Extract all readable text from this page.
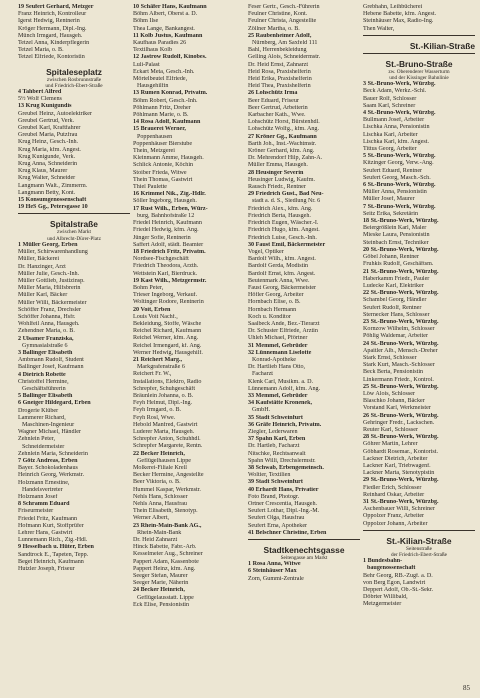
19 Seufert Gerhard, Metzger
Franz Heinrich, Kontrolleur
Igerst Hedwig, Rentnerin
Kröger Hermann, Dipl.-Ing.
Münch Irmgard, Hausgeh.
Tetzel Anna, Kinderpflegerin
Tetzel Maria, o. B.
Tetzel Elfriede, Kontoristin
Spitaleseplatz
zwischen Rosbrunnstraße
und Friedrich-Ebert-Straße
4 Tahbert Alfred
5½ Wolf Clemens
13 Krug Kunigundis
Greubel Heinz, Autoelektriker
Greubel Gertrud, Verk.
Greubel Karl, Kraftfahrer
Greubel Maria, Putzfrau
Krug Heinz, Gesch.-Inh.
Krug Maria, kfm. Angest.
Krug Kunigunde, Verk.
Krug Anna, Schneiderin
Krug Klaus, Maurer
Krug Walter, Schneider
Langmann Walt., Zimmerm.
Langmann Betty, Kont.
15 Konsumgenossenschaft
19 HeS Gg., Petersgasse 10
Spitalstraße
zwischen Markt
und Albrecht-Dürer-Platz
1 Müller Georg, Erben
Müller, Schirwarenhandlung
Müller, Bäckerei
Dr. Hanzinger, Arzt
Müller Julie, Gesch.-Inh.
Müller Gottlieb, Justizinsp.
Müller Maria, Hilfsbrerin
Müller Karl, Bäcker
Müller Willi, Bäckermeister
Schöffer Franz, Drechsler
Schöffer Johanna, Hsfr.
Wohlfeil Anna, Hausgeh.
Zehendner Maria, o. B.
2 Ulsamer Franziska,
Gymnasialstraße 6
3 Ballinger Elisabeth
Ambmann Rudolf, Student
Ballinger Josef, Kaufmann
4 Dietrich Robette
Christoffel Hermine,
Geschäftsführerin
5 Ballinger Elisabeth
6 Gneiger Hildegard, Erben
Drogerie Klüber
Lammerer Richard,
Maschinen-Ingenieur
Wagner Michael, Händler
Zehnlein Peter,
Schneidermeister
Zehnlein Maria, Schneiderin
7 Götz Andreas, Erben
Bayer. Schokoladenhaus
Heinrich Georg, Werkmstr.
Holzmann Ernestine,
Handelsvertreter
Holzmann Josef
8 Schramm Eduard
Friseurmeister
Friedel Fritz, Kaufmann
Hofmann Kurt, Stoffprüfer
Lehrer Hans, Gastwirt
Lunnemann Rich., Zig.-Hdl.
9 Hesselbach u. Hüter, Erben
Sandtrock E., Tapeten, Tepp.
Beget Heinrich, Kaufmann
Hutzler Joseph, Friseur
10 Schäfer Hans, Kaufmann
Böhm Albert, Oberst a. D.
Böhm Ilse
Thea Lange, Bankangest.
11 Kolb Justus, Kaufmann
Kaufhaus Paradies 26
Textilhaus Kolb
12 Jastrow Rudolf, Kinobes.
Luli-Palast
Eckart Meta, Gesch.-Inh.
Mörtelbeutel Elfriede,
Hausgehilfin
13 Rumen Konrad, Privatm.
Böhm Robert, Gesch.-Inh.
Pöhlmann Fritz, Dreher
Pöhlmann Marie, o. B.
14 Rosa Adolf, Kaufmann
15 Brauerei Werner,
Poppenhausen
Poppenhäuser Bierstube
Thein, Metzgerei
Kleinmann Amme, Hausgeh.
Schlick Antonie, Köchin
Stoiber Frieda, Witwe
Thein Thomas, Gastwirt
Thiel Paulette
16 Krimmel Nik., Zig.-Hdlr.
Söller Ingeborg, Hausgeh.
17 Rust Wilh., Erben, Würz-
burg, Bahnhofstraße 12
Friedel Heinrich, Kaufmann
Friedel Hedwig, kfm. Ang.
Jünger Sofie, Rentnerin
Saffert Adolf, städt. Beamter
18 Friedrich Fritz, Privatm.
Nordsee-Fischgeschäft
Friedrich Theodora, Arzth.
Wettstein Karl, Bierdruck.
19 Kast Wilh., Metzgermstr.
Bohm Peter,
Trieser Ingeborg, Verkauf.
Woltinger Rodore, Rentnerin
20 Voit, Erben
Louis Voit Nachf.,
Bekleidung, Stoffe, Wäsche
Reichel Richard, Kaufmann
Reichel Werner, kfm. Ang.
Reichel Irmengard, kf. Ang.
Werner Hedwig, Hausgehilf.
21 Reichert Marg.,
Markgrafenstraße 6
Reichert Fr. W.,
Installations, Elektro, Radio
Schrepfer, Schuhgeschäft
Bräunlein Johanna, o. B.
Feyh Helmut, Dipl.-Ing.
Feyh Irmgard, o. B.
Feyh Rosl, Wwe.
Hebold Manfred, Gastwirt
Luderer Marta, Hausgeh.
Schrepfer Anton, Schuhhdl.
Schrepfer Margarete, Rentn.
22 Becker Heinrich,
Geflügelhausen Lippe
Molkerei-Filiale Krell
Becker Hermine, Angestellte
Beer Viktoria, o. B.
Hummel Kaspar, Werkmstr.
Nehls Hans, Schlosser
Nehls Anna, Hausfrau
Thein Elisabeth, Stenotyp.
Werner Albert,
23 Rhein-Main-Bank AG.,
Rhein-Main-Bank
Dr. Heid Zahnarzt
Hinck Babette, Fabr.-Arb.
Kesselmeier Aug., Schreiner
Pappert Adam, Kassenbote
Pappert Heinz, kfm. Ang.
Seeger Stefan, Maurer
Seeger Marie, Näherin
24 Becker Heinrich,
Geflügelausstatt. Lippe
Eck Elise, Pensionistin
Feser Gertr., Gesch.-Führerin
Feulner Christine, Kont.
Feulner Christa, Angestellte
Zöllner Martha, o. B.
25 Raubenheimer Adolf,
Nürnberg, Am Saxfeld 111
Bahl, Herrenbekleidung
Gelling Alois, Schneidermstr.
Dr. Heid Ernst, Zahnarzt
Heid Rosa, Praxishelferin
Heid Erika, Praxishelferin
Heid Thea, Praxishelferin
26 Lohschütz Irma
Beer Eduard, Friseur
Beer Gertrud, Arbeiterin
Karbacher Kath., Wwe.
Lohschütz Horst, Bürstenhdl.
Lohschütz Wolfg., kfm. Ang.
27 Kröner Gg., Kaufmann
Barth Joh., Inst.-Wachtmstr.
Kröner Gerhard, kfm. Ang.
Dr. Mehrendorf Hilp, Zahn-A.
Müller Emma, Hausgeh.
28 Heusinger Severin
Heusinger Ludwig, Kaufm.
Rausch Friedr., Rentner
29 Friedrich Gust., Bad Neu-
stadt a. d. S., Siedlung Nr. 6
Friedrich Alex., kfm. Ang.
Friedrich Berta, Hausgeh.
Friedrich Eugen, Wäscher.-I.
Friedrich Hugo, kfm. Angest.
Friedrich Luise, Gesch.-Inh.
30 Faust Emil, Bäckermeister
Vogel, Optiker
Bardolf Wilh., kfm. Angest.
Bardolf Gerda, Modistin
Bardolf Ernst, kfm. Angest.
Beutenmark Anna, Wwe.
Faust Georg, Bäckermeister
Höfler Georg, Arbeiter
Hornbach Elise, o. B.
Hornbach Hermann
Koch u. Konditor
Saalbeck Ande, Bez.-Tierarzt
Dr. Schuster Elfriede, Ärztin
Uhleh Michael, Pförtner
31 Memmel, Gebrüder
32 Lünnemann Liselotte
Konrad-Apotheke
Dr. Hartlieb Hans Otto,
Facharzt
Klenk Carl, Musikm. a. D.
Lünnemann Adolf, kfm. Ang.
33 Memmel, Gebrüder
34 Kaufstätte Kronenek,
GmbH.
35 Stadt Schweinfurt
36 Gräfe Heinrich, Privatm.
Ziegler, Lederwaren
37 Spahn Karl, Erben
Dr. Hartleb, Facharzt
Nitschke, Rechtsanwalt
Spahn Willi, Drechslermstr.
38 Schwab, Erbengemeinsch.
Woltier, Textilien
39 Stadt Schweinfurt
40 Erhardt Hans, Privatier
Foto Brand, Photogr.
Ortner Crescentia, Hausgeh.
Seufert Lothar, Dipl.-Ing.-M.
Seufert Olga, Hausfrau
Seufert Erna, Apotheker
41 Belschner Christine, Erben
Stadtkenechtsgasse
Seitengasse am Markt
1 Rosa Anna, Witwe
6 Steinhäuser Max
Zorn, Gummi-Zentrale
Grebhahn, Leihbücherei
Hebene Babette, kfm. Angest.
Steinhäuser Max, Radio-Ing.
Then Walter,
St.-Kilian-Straße
St.-Bruno-Straße
zw. Oberenderer Wasserturm
und der Kissinger Bahnlinie
3 St.-Bruno-Werk, Würzbg.
Beck Adam, Werkz.-Schl.
Bauer Rolf, Schlosser
Saam Karl, Schreiner
4 St.-Bruno-Werk, Würzbg.
Bullmann Josef, Arbeiter
Lischka Anna, Pensionistin
Lischka Karl, Arbeiter
Lischka Karl, kfm. Angest.
Tittus Georg, Arbeiter
5 St.-Bruno-Werk, Würzbg.
Kitzinger Georg, Verw.-Ang.
Seufert Eduard, Rentner
Seufert Georg, Masch.-Sch.
6 St.-Bruno-Werk, Würzbg.
Müller Anna, Pensionistin
Müller Josef, Maurer
7 St.-Bruno-Werk, Würzbg.
Seitz Erika, Sekretärin
18 St.-Bruno-Werk, Würzbg.
Beiergrößlein Karl, Maler
Mieske Laura, Pensionistin
Steinbach Ernst, Techniker
20 St.-Bruno-Werk, Würzbg.
Göbel Johann, Rentner
Fruhkis Rudolf, Geschäftsm.
21 St.-Bruno-Werk, Würzbg.
Haberkamm Friedr., Pauler
Ludecke Karl, Elektriker
22 St.-Bruno-Werk, Würzbg.
Schambel Georg, Händler
Seufert Rudolf, Rentner
Sternecker Hans, Schlosser
23 St.-Bruno-Werk, Würzbg.
Kornzow Wilhelm, Schlosser
Pöhlig Waldemar, Arbeiter
24 St.-Bruno-Werk, Würzbg.
Apaitler Alb., Mensch.-Dreher
Stark Ernst, Schlosser
Stark Kurt, Masch.-Schlosser
Beck Berta, Pensionistin
Linkermann Friedr., Kontrol.
25 St.-Bruno-Werk, Würzbg.
Löw Alois, Schlosser
Blaschko Johann, Bäcker
Vorstand Karl, Werkmeister
26 St.-Bruno-Werk, Würzbg.
Gehringer Fredr., Lackschen.
Reuter Karl, Schlosser
28 St.-Bruno-Werk, Würzbg.
Göhrer Martin, Lehrer
Göbhardt Rosemar., Kontorist.
Lackner Dietrich, Arbeiter
Lackner Karl, Triebwagenf.
Lackner Marta, Stenotypistin
29 St.-Bruno-Werk, Würzbg.
Fiedler Erich, Schlosser
Reinhard Oskar, Arbeiter
31 St.-Bruno-Werk, Würzbg.
Aschenbauer Willi, Schreiner
Oppolzer Franz, Arbeiter
Oppolzer Johann, Arbeiter
St.-Kilian-Straße
Seitenstraße
der Friedrich-Ebert-Straße
1 Bundesbahn-
baugenossenschaft
Behr Georg, RB.-Zugf. a. D.
von Berg Egon, Landwirt
Deppert Adolf, Ob.-St.-Sekr.
Döbrter Willibald,
Metzgermeister
85
